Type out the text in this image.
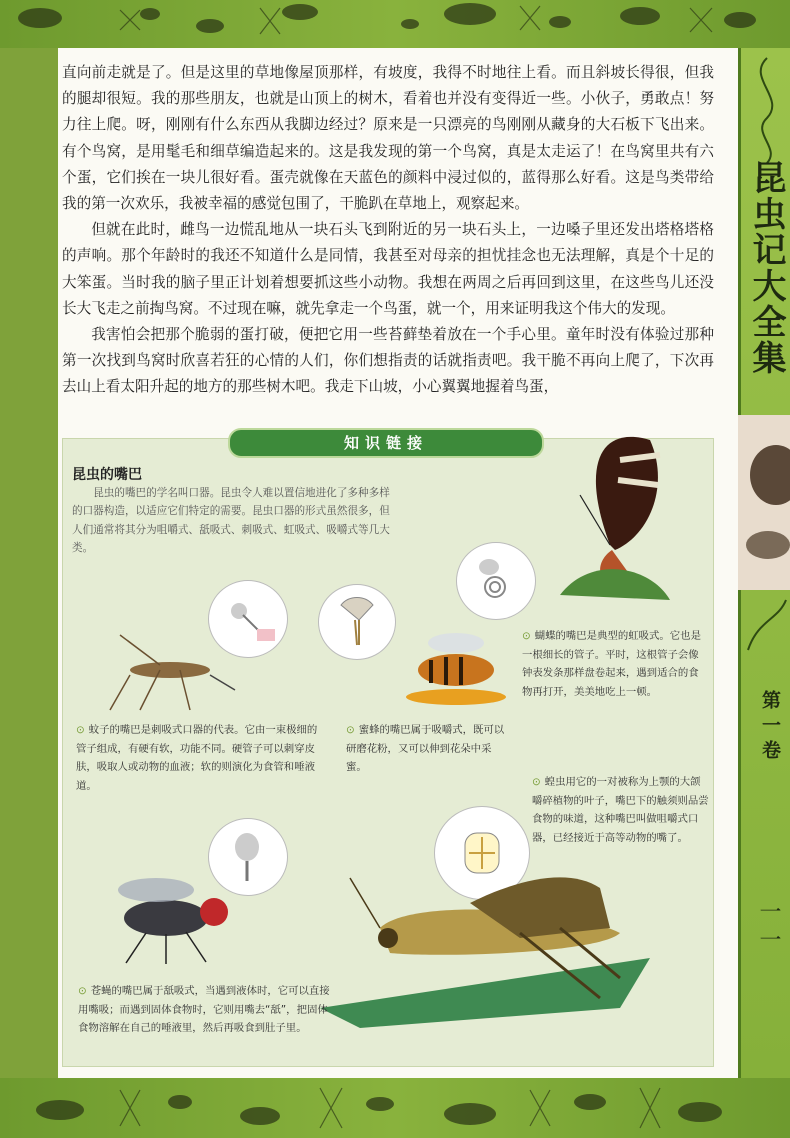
直向前走就是了。但是这里的草地像屋顶那样，有坡度，我得不时地往上看。而且斜坡长得很，但我的腿却很短。我的那些朋友，也就是山顶上的树木，看着也并没有变得近一些。小伙子，勇敢点！努力往上爬。呀，刚刚有什么东西从我脚边经过？原来是一只漂亮的鸟刚刚从藏身的大石板下飞出来。有个鸟窝，是用髦毛和细草编造起来的。这是我发现的第一个鸟窝，真是太走运了！在鸟窝里共有六个蛋，它们挨在一块儿很好看。蛋壳就像在天蓝色的颜料中浸过似的，蓝得那么好看。这是鸟类带给我的第一次欢乐，我被幸福的感觉包围了，干脆趴在草地上，观察起来。

但就在此时，雌鸟一边慌乱地从一块石头飞到附近的另一块石头上，一边嗓子里还发出塔格塔格的声响。那个年龄时的我还不知道什么是同情，我甚至对母亲的担忧挂念也无法理解，真是个十足的大笨蛋。当时我的脑子里正计划着想要抓这些小动物。我想在两周之后再回到这里，在这些鸟儿还没长大飞走之前掏鸟窝。不过现在嘛，就先拿走一个鸟蛋，就一个，用来证明我这个伟大的发现。

我害怕会把那个脆弱的蛋打破，便把它用一些苔藓垫着放在一个手心里。童年时没有体验过那种第一次找到鸟窝时欣喜若狂的心情的人们，你们想指责的话就指责吧。我干脆不再向上爬了，下次再去山上看太阳升起的地方的那些树木吧。我走下山坡，小心翼翼地握着鸟蛋，

知识链接
昆虫的嘴巴

昆虫的嘴巴的学名叫口器。昆虫令人难以置信地进化了多种多样的口器构造，以适应它们特定的需要。昆虫口器的形式虽然很多，但人们通常将其分为咀嚼式、舐吸式、刺吸式、虹吸式、吸嚼式等几大类。

⊙ 蝴蝶的嘴巴是典型的虹吸式。它也是一根细长的管子。平时，这根管子会像钟表发条那样盘卷起来，遇到适合的食物再打开，美美地吃上一顿。

⊙ 蚊子的嘴巴是刺吸式口器的代表。它由一束极细的管子组成，有硬有软，功能不同。硬管子可以刺穿皮肤，吸取人或动物的血液；软的则演化为食管和唾液道。

⊙ 蜜蜂的嘴巴属于吸嚼式，既可以研磨花粉，又可以伸到花朵中采蜜。

⊙ 蝗虫用它的一对被称为上颚的大颌嚼碎植物的叶子，嘴巴下的触须则品尝食物的味道，这种嘴巴叫做咀嚼式口器，已经接近于高等动物的嘴了。

⊙ 苍蝇的嘴巴属于舐吸式，当遇到液体时，它可以直接用嘴吸；而遇到固体食物时，它则用嘴去“舐”，把固体食物溶解在自己的唾液里，然后再吸食到肚子里。

昆虫记大全集
第一卷
一一
